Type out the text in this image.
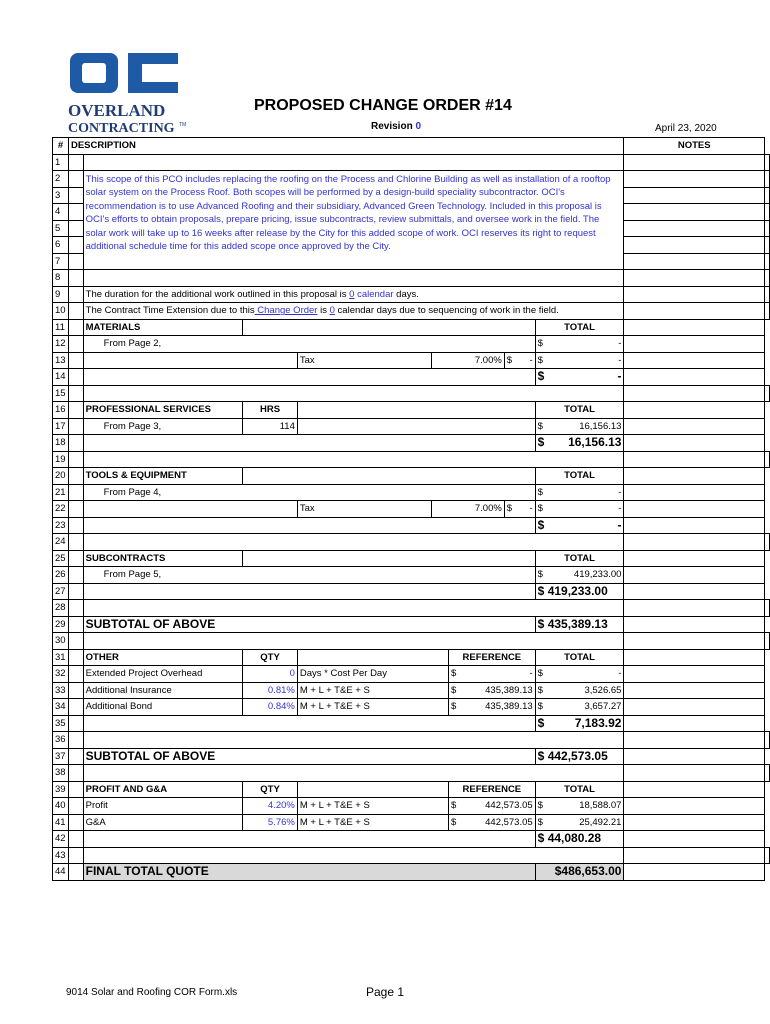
OVERLAND
CONTRACTING TM
PROPOSED CHANGE ORDER #14
Revision 0	April 23, 2020
#	DESCRIPTION								NOTES	
1										
2		This scope of this PCO includes replacing the roofing on the Process and Chlorine Building as well as installation of a rooftop solar system on the Process Roof. Both scopes will be performed by a design-build speciality subcontractor. OCI's recommendation is to use Advanced Roofing and their subsidiary, Advanced Green Technology. Included in this proposal is OCI's efforts to obtain proposals, prepare pricing, issue subcontracts, review submittals, and oversee work in the field. The solar work will take up to 16 weeks after release by the City for this added scope of work. OCI reserves its right to request additional schedule time for this added scope once approved by the City.								
3										
4										
5										
6										
7										
8										
9		The duration for the additional work outlined in this proposal is 0 calendar days.								
10		The Contract Time Extension due to this Change Order is 0 calendar days due to sequencing of work in the field.								
11		MATERIALS						TOTAL		
12		From Page 2,						$ -		

13				Tax	7.00%		$ -	$ -		

14								$ -		

15										
16		PROFESSIONAL SERVICES	HRS					TOTAL		
17		From Page 3,	114					$ 16,156.13		

18								$ 16,156.13		

19										
20		TOOLS & EQUIPMENT						TOTAL		
21		From Page 4,						$ -		

22				Tax	7.00%		$ -	$ -		

23								$ -		

24										
25		SUBCONTRACTS						TOTAL		
26		From Page 5,						$ 419,233.00		

27								$ 419,233.00		
28										
29		SUBTOTAL OF ABOVE						$ 435,389.13		
30										
31		OTHER	QTY			REFERENCE		TOTAL		
32		Extended Project Overhead	0	Days * Cost Per Day		$ -		$ -		

33		Additional Insurance	0.81%	M + L + T&E + S		$ 435,389.13		$ 3,526.65		

34		Additional Bond	0.84%	M + L + T&E + S		$ 435,389.13		$ 3,657.27		

35								$ 7,183.92		

36										
37		SUBTOTAL OF ABOVE						$ 442,573.05		
38										
39		PROFIT AND G&A	QTY			REFERENCE		TOTAL		
40		Profit	4.20%	M + L + T&E + S		$ 442,573.05		$ 18,588.07		

41		G&A	5.76%	M + L + T&E + S		$ 442,573.05		$ 25,492.21		

42								$ 44,080.28		
43										
44		FINAL TOTAL QUOTE						$486,653.00		
9014 Solar and Roofing COR Form.xls	Page 1
